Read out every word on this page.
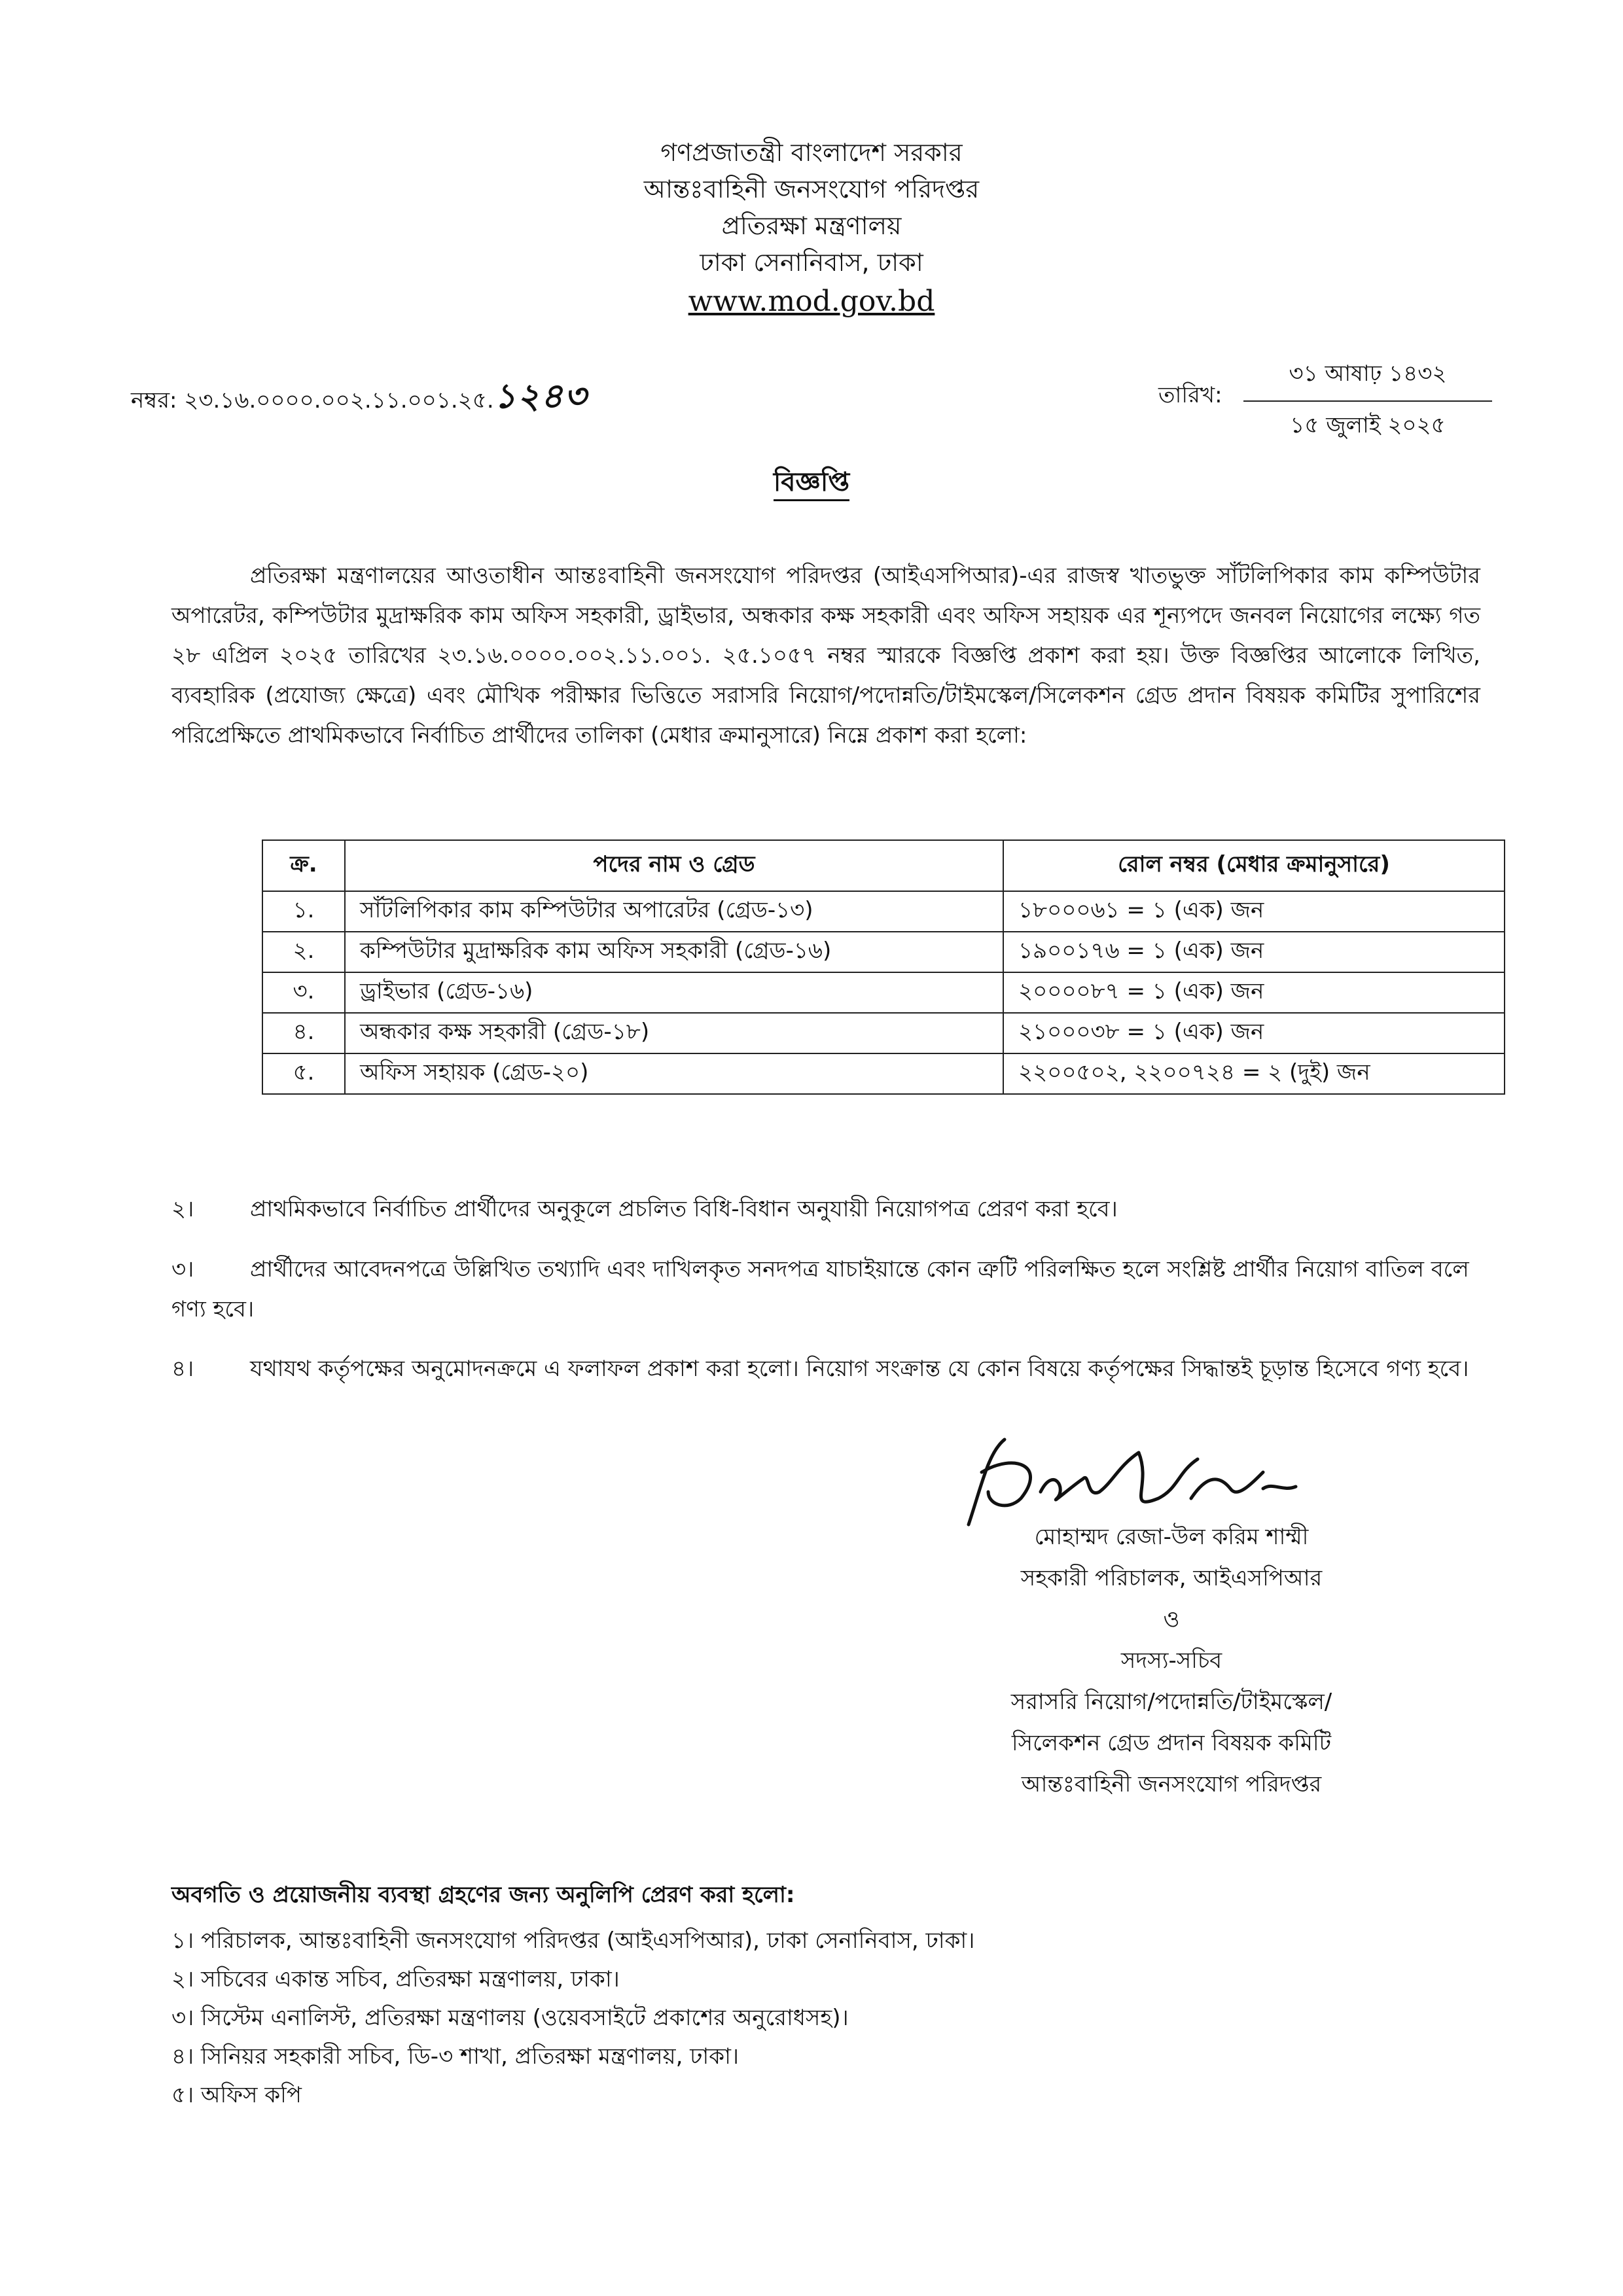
গণপ্রজাতন্ত্রী বাংলাদেশ সরকার
আন্তঃবাহিনী জনসংযোগ পরিদপ্তর
প্রতিরক্ষা মন্ত্রণালয়
ঢাকা সেনানিবাস, ঢাকা
www.mod.gov.bd
নম্বর: ২৩.১৬.০০০০.০০২.১১.০০১.২৫.১২৪৩	তারিখ:
৩১ আষাঢ় ১৪৩২
১৫ জুলাই ২০২৫
বিজ্ঞপ্তি
প্রতিরক্ষা মন্ত্রণালয়ের আওতাধীন আন্তঃবাহিনী জনসংযোগ পরিদপ্তর (আইএসপিআর)-এর রাজস্ব খাতভুক্ত সাঁটলিপিকার কাম কম্পিউটার অপারেটর, কম্পিউটার মুদ্রাক্ষরিক কাম অফিস সহকারী, ড্রাইভার, অন্ধকার কক্ষ সহকারী এবং অফিস সহায়ক এর শূন্যপদে জনবল নিয়োগের লক্ষ্যে গত ২৮ এপ্রিল ২০২৫ তারিখের ২৩.১৬.০০০০.০০২.১১.০০১. ২৫.১০৫৭ নম্বর স্মারকে বিজ্ঞপ্তি প্রকাশ করা হয়। উক্ত বিজ্ঞপ্তির আলোকে লিখিত, ব্যবহারিক (প্রযোজ্য ক্ষেত্রে) এবং মৌখিক পরীক্ষার ভিত্তিতে সরাসরি নিয়োগ/পদোন্নতি/টাইমস্কেল/সিলেকশন গ্রেড প্রদান বিষয়ক কমিটির সুপারিশের পরিপ্রেক্ষিতে প্রাথমিকভাবে নির্বাচিত প্রার্থীদের তালিকা (মেধার ক্রমানুসারে) নিম্নে প্রকাশ করা হলো:
ক্র.	পদের নাম ও গ্রেড	রোল নম্বর (মেধার ক্রমানুসারে)
১.	সাঁটলিপিকার কাম কম্পিউটার অপারেটর (গ্রেড-১৩)	১৮০০০৬১ = ১ (এক) জন
২.	কম্পিউটার মুদ্রাক্ষরিক কাম অফিস সহকারী (গ্রেড-১৬)	১৯০০১৭৬ = ১ (এক) জন
৩.	ড্রাইভার (গ্রেড-১৬)	২০০০০৮৭ = ১ (এক) জন
৪.	অন্ধকার কক্ষ সহকারী (গ্রেড-১৮)	২১০০০৩৮ = ১ (এক) জন
৫.	অফিস সহায়ক (গ্রেড-২০)	২২০০৫০২, ২২০০৭২৪ = ২ (দুই) জন
২।	প্রাথমিকভাবে নির্বাচিত প্রার্থীদের অনুকূলে প্রচলিত বিধি-বিধান অনুযায়ী নিয়োগপত্র প্রেরণ করা হবে।
৩।	প্রার্থীদের আবেদনপত্রে উল্লিখিত তথ্যাদি এবং দাখিলকৃত সনদপত্র যাচাইয়ান্তে কোন ত্রুটি পরিলক্ষিত হলে সংশ্লিষ্ট প্রার্থীর নিয়োগ বাতিল বলে গণ্য হবে।
৪।	যথাযথ কর্তৃপক্ষের অনুমোদনক্রমে এ ফলাফল প্রকাশ করা হলো। নিয়োগ সংক্রান্ত যে কোন বিষয়ে কর্তৃপক্ষের সিদ্ধান্তই চূড়ান্ত হিসেবে গণ্য হবে।
মোহাম্মদ রেজা-উল করিম শাম্মী
সহকারী পরিচালক, আইএসপিআর
ও
সদস্য-সচিব
সরাসরি নিয়োগ/পদোন্নতি/টাইমস্কেল/
সিলেকশন গ্রেড প্রদান বিষয়ক কমিটি
আন্তঃবাহিনী জনসংযোগ পরিদপ্তর
অবগতি ও প্রয়োজনীয় ব্যবস্থা গ্রহণের জন্য অনুলিপি প্রেরণ করা হলো:
১। পরিচালক, আন্তঃবাহিনী জনসংযোগ পরিদপ্তর (আইএসপিআর), ঢাকা সেনানিবাস, ঢাকা।
২। সচিবের একান্ত সচিব, প্রতিরক্ষা মন্ত্রণালয়, ঢাকা।
৩। সিস্টেম এনালিস্ট, প্রতিরক্ষা মন্ত্রণালয় (ওয়েবসাইটে প্রকাশের অনুরোধসহ)।
৪। সিনিয়র সহকারী সচিব, ডি-৩ শাখা, প্রতিরক্ষা মন্ত্রণালয়, ঢাকা।
৫। অফিস কপি
